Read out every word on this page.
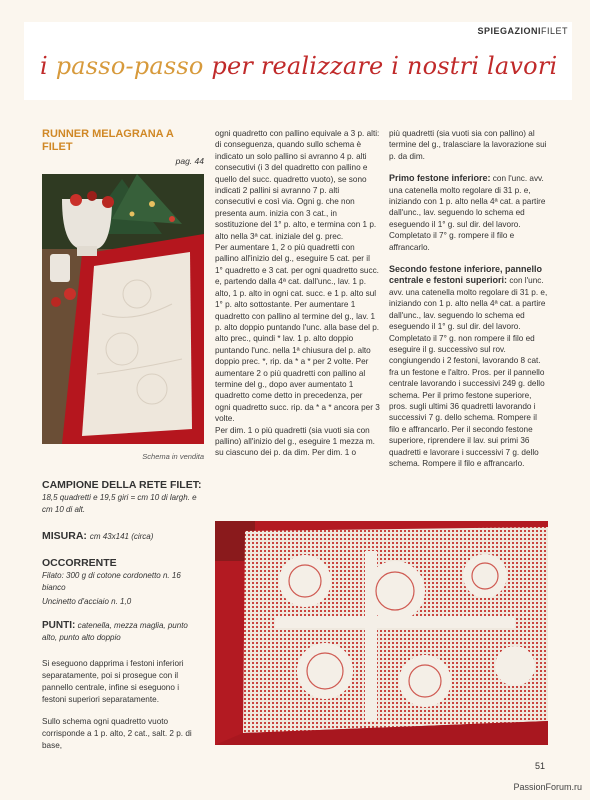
SPIEGAZIONIFILET
i passo-passo per realizzare i nostri lavori
RUNNER MELAGRANA A FILET
pag. 44
Schema in vendita
CAMPIONE DELLA RETE FILET:
18,5 quadretti e 19,5 giri = cm 10 di largh. e cm 10 di alt.
MISURA: cm 43x141 (circa)
OCCORRENTE
Filato: 300 g di cotone cordonetto n. 16 bianco
Uncinetto d'acciaio n. 1,0
PUNTI: catenella, mezza maglia, punto alto, punto alto doppio
Si eseguono dapprima i festoni inferiori separatamente, poi si prosegue con il pannello centrale, infine si eseguono i festoni superiori separatamente.
Sullo schema ogni quadretto vuoto corrisponde a 1 p. alto, 2 cat., salt. 2 p. di base,
ogni quadretto con pallino equivale a 3 p. alti: di conseguenza, quando sullo schema è indicato un solo pallino si avranno 4 p. alti consecutivi (i 3 del quadretto con pallino e quello del succ. quadretto vuoto), se sono indicati 2 pallini si avranno 7 p. alti consecutivi e così via. Ogni g. che non presenta aum. inizia con 3 cat., in sostituzione del 1° p. alto, e termina con 1 p. alto nella 3ª cat. iniziale del g. prec.
Per aumentare 1, 2 o più quadretti con pallino all'inizio del g., eseguire 5 cat. per il 1° quadretto e 3 cat. per ogni quadretto succ. e, partendo dalla 4ª cat. dall'unc., lav. 1 p. alto, 1 p. alto in ogni cat. succ. e 1 p. alto sul 1° p. alto sottostante. Per aumentare 1 quadretto con pallino al termine del g., lav. 1 p. alto doppio puntando l'unc. alla base del p. alto prec., quindi * lav. 1 p. alto doppio puntando l'unc. nella 1ª chiusura del p. alto doppio prec. *, rip. da * a * per 2 volte. Per aumentare 2 o più quadretti con pallino al termine del g., dopo aver aumentato 1 quadretto come detto in precedenza, per ogni quadretto succ. rip. da * a * ancora per 3 volte.
Per dim. 1 o più quadretti (sia vuoti sia con pallino) all'inizio del g., eseguire 1 mezza m. su ciascuno dei p. da dim. Per dim. 1 o
più quadretti (sia vuoti sia con pallino) al termine del g., tralasciare la lavorazione sui p. da dim.
Primo festone inferiore: con l'unc. avv. una catenella molto regolare di 31 p. e, iniziando con 1 p. alto nella 4ª cat. a partire dall'unc., lav. seguendo lo schema ed eseguendo il 1° g. sul dir. del lavoro. Completato il 7° g. rompere il filo e affrancarlo.
Secondo festone inferiore, pannello centrale e festoni superiori: con l'unc. avv. una catenella molto regolare di 31 p. e, iniziando con 1 p. alto nella 4ª cat. a partire dall'unc., lav. seguendo lo schema ed eseguendo il 1° g. sul dir. del lavoro. Completato il 7° g. non rompere il filo ed eseguire il g. successivo sul rov. congiungendo i 2 festoni, lavorando 8 cat. fra un festone e l'altro. Pros. per il pannello centrale lavorando i successivi 249 g. dello schema. Per il primo festone superiore, pros. sugli ultimi 36 quadretti lavorando i successivi 7 g. dello schema. Rompere il filo e affrancarlo. Per il secondo festone superiore, riprendere il lav. sui primi 36 quadretti e lavorare i successivi 7 g. dello schema. Rompere il filo e affrancarlo.
51
PassionForum.ru
